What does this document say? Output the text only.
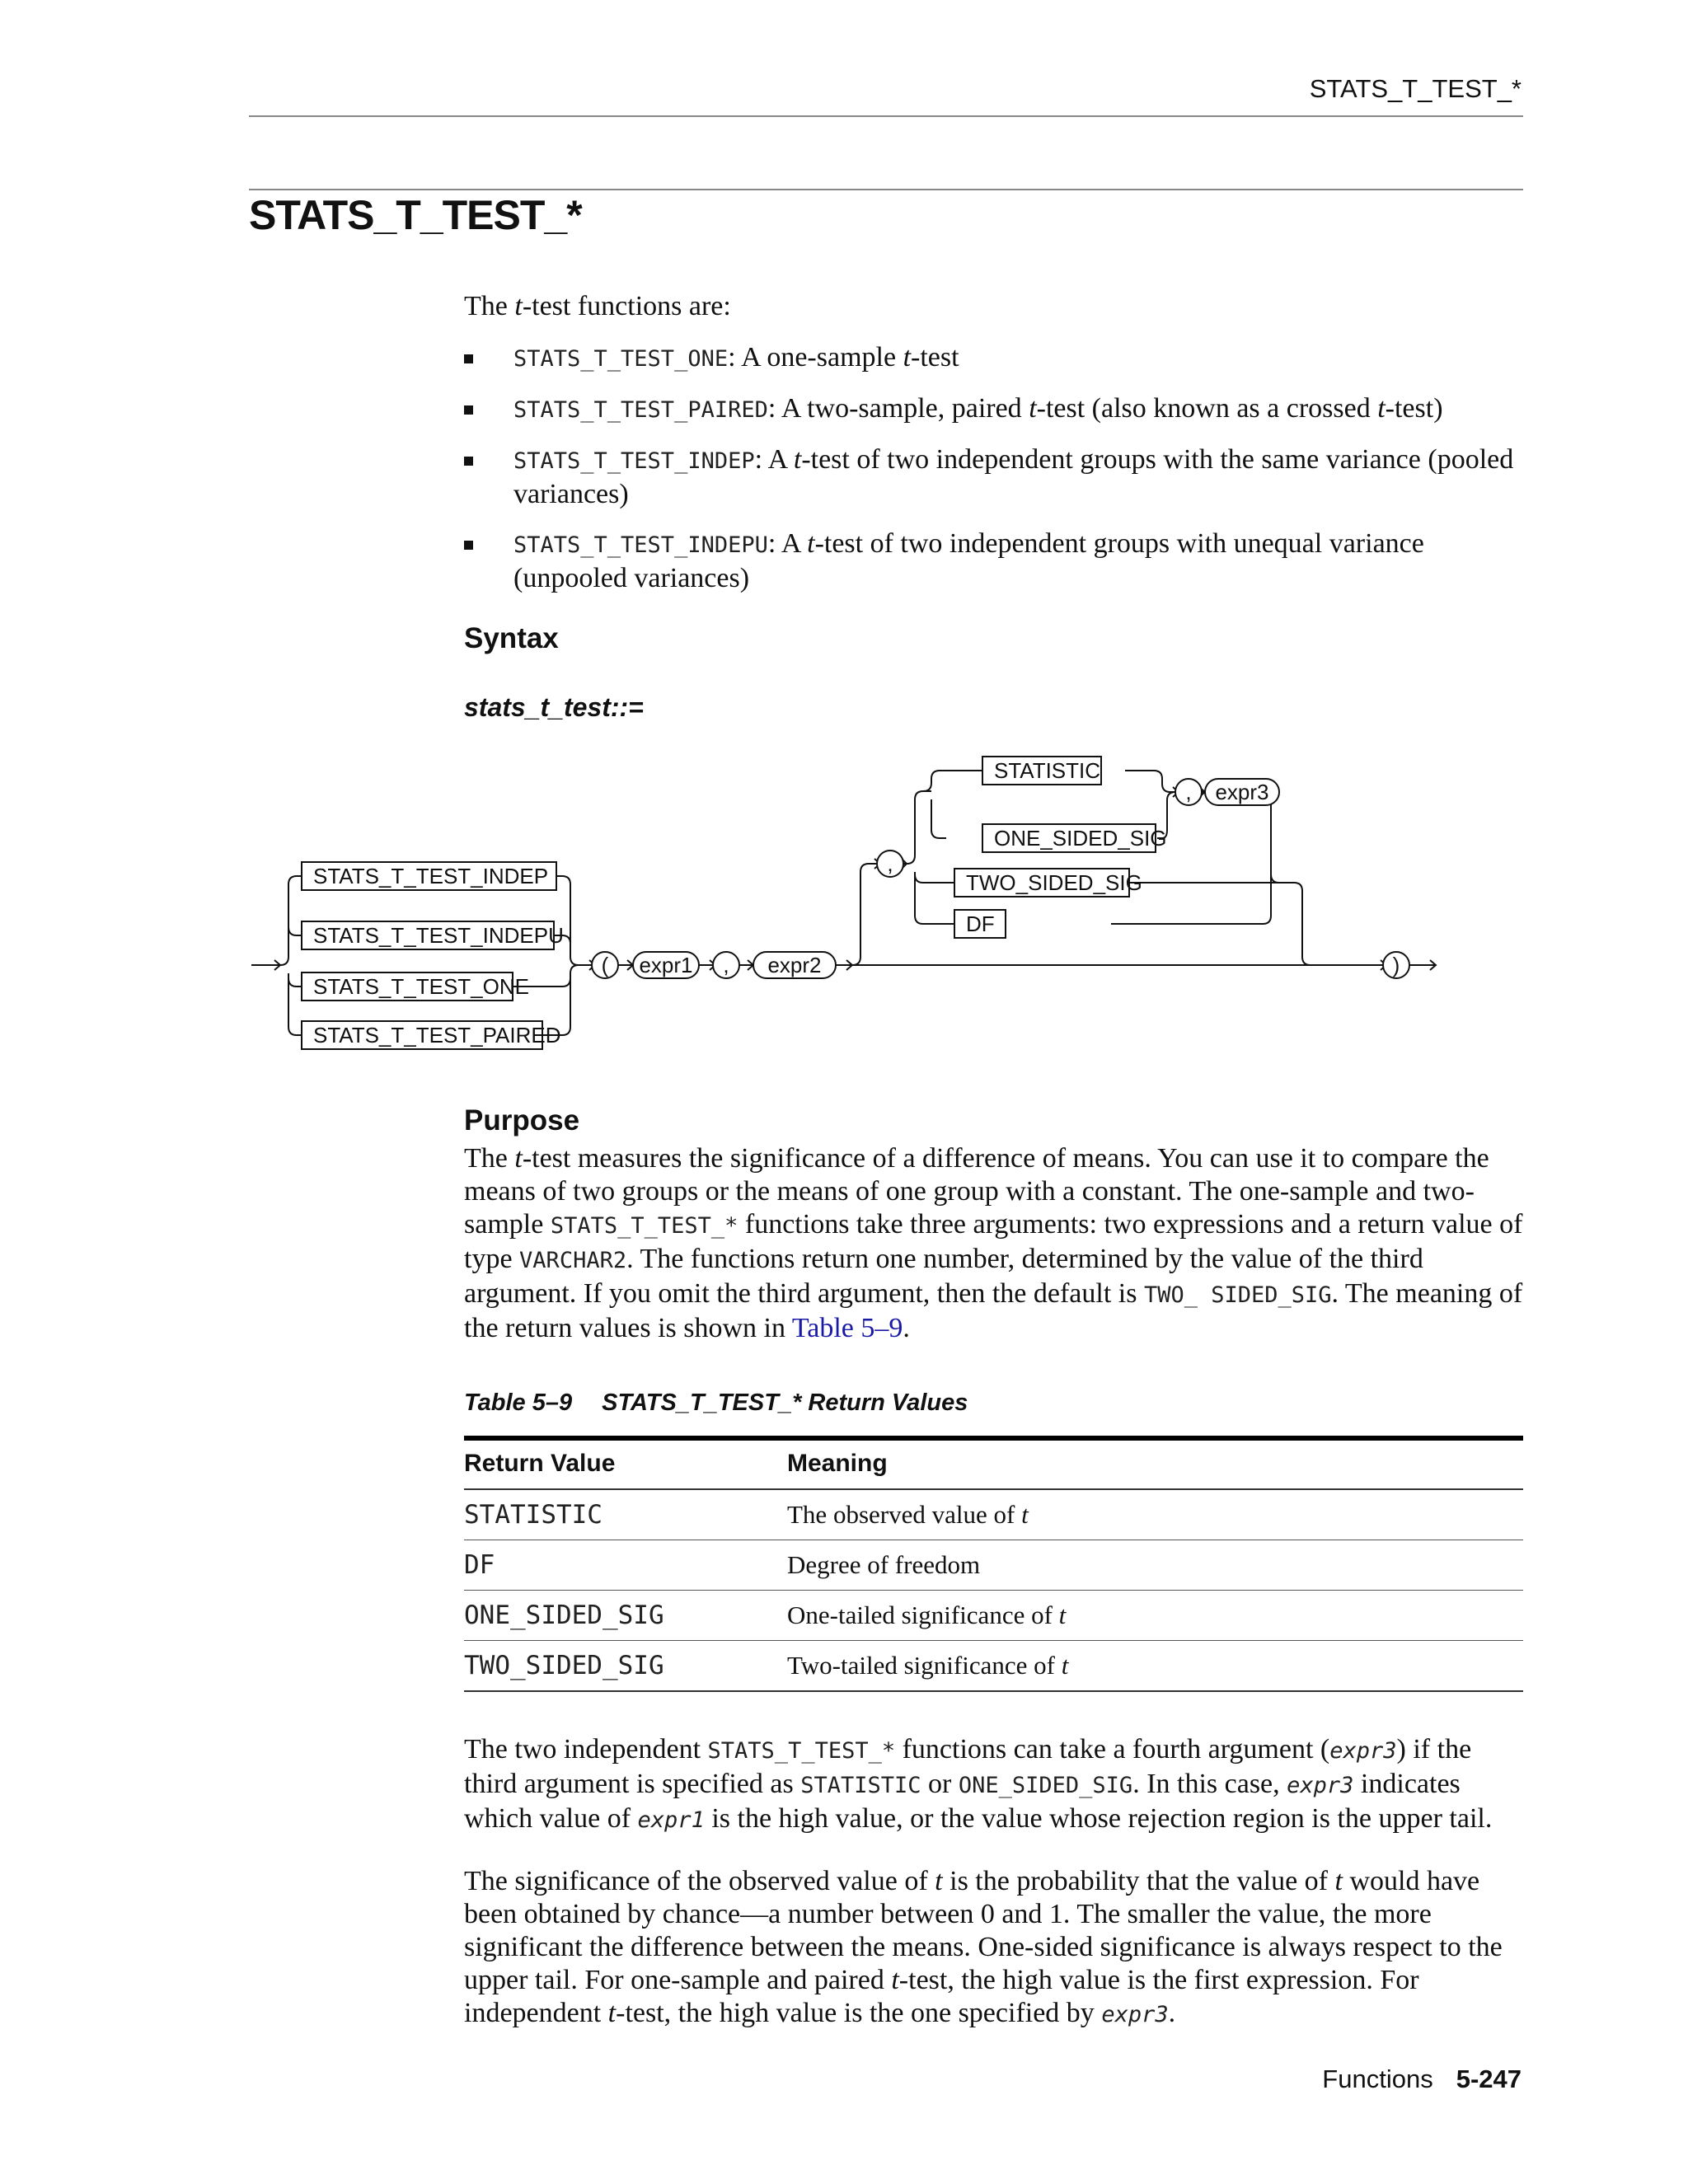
STATS_T_TEST_*
STATS_T_TEST_*

The t-test functions are:

STATS_T_TEST_ONE: A one-sample t-test
STATS_T_TEST_PAIRED: A two-sample, paired t-test (also known as a crossed t-test)
STATS_T_TEST_INDEP: A t-test of two independent groups with the same variance (pooled variances)
STATS_T_TEST_INDEPU: A t-test of two independent groups with unequal variance (unpooled variances)
Syntax
stats_t_test::=
STATS_T_TEST_INDEP
STATS_T_TEST_INDEPU
STATS_T_TEST_ONE
STATS_T_TEST_PAIRED
( expr1 , expr2
,
STATISTIC
ONE_SIDED_SIG
TWO_SIDED_SIG
DF
, expr3
)
Purpose

The t-test measures the significance of a difference of means. You can use it to compare the means of two groups or the means of one group with a constant. The one-sample and two-sample STATS_T_TEST_* functions take three arguments: two expressions and a return value of type VARCHAR2. The functions return one number, determined by the value of the third argument. If you omit the third argument, then the default is TWO_ SIDED_SIG. The meaning of the return values is shown in Table 5–9.

Table 5–9 STATS_T_TEST_* Return Values
Return Value	Meaning
STATISTIC	The observed value of t
DF	Degree of freedom
ONE_SIDED_SIG	One-tailed significance of t
TWO_SIDED_SIG	Two-tailed significance of t

The two independent STATS_T_TEST_* functions can take a fourth argument (expr3) if the third argument is specified as STATISTIC or ONE_SIDED_SIG. In this case, expr3 indicates which value of expr1 is the high value, or the value whose rejection region is the upper tail.

The significance of the observed value of t is the probability that the value of t would have been obtained by chance—a number between 0 and 1. The smaller the value, the more significant the difference between the means. One-sided significance is always respect to the upper tail. For one-sample and paired t-test, the high value is the first expression. For independent t-test, the high value is the one specified by expr3.

Functions 5-247
